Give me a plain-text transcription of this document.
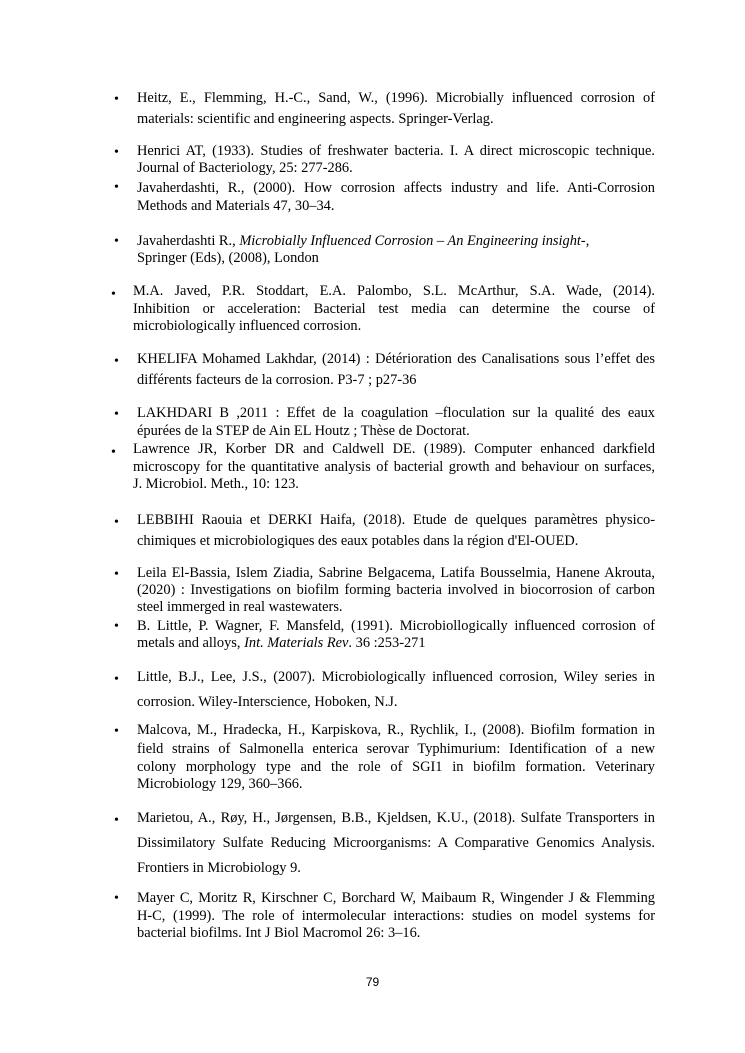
• Heitz, E., Flemming, H.-C., Sand, W., (1996). Microbially influenced corrosion of
materials: scientific and engineering aspects. Springer-Verlag.
• Henrici AT, (1933). Studies of freshwater bacteria. I. A direct microscopic technique.
Journal of Bacteriology, 25: 277-286.
• Javaherdashti, R., (2000). How corrosion affects industry and life. Anti-Corrosion
Methods and Materials 47, 30–34.
• Javaherdashti R., Microbially Influenced Corrosion – An Engineering insight-,
Springer (Eds), (2008), London
• M.A. Javed, P.R. Stoddart, E.A. Palombo, S.L. McArthur, S.A. Wade, (2014).
Inhibition or acceleration: Bacterial test media can determine the course of
microbiologically influenced corrosion.
• KHELIFA Mohamed Lakhdar, (2014) : Détérioration des Canalisations sous l’effet des
différents facteurs de la corrosion. P3-7 ; p27-36
• LAKHDARI B ,2011 : Effet de la coagulation –floculation sur la qualité des eaux
épurées de la STEP de Ain EL Houtz ; Thèse de Doctorat.
• Lawrence JR, Korber DR and Caldwell DE. (1989). Computer enhanced darkfield
microscopy for the quantitative analysis of bacterial growth and behaviour on surfaces,
J. Microbiol. Meth., 10: 123.
• LEBBIHI Raouia et DERKI Haifa, (2018). Etude de quelques paramètres physico-
chimiques et microbiologiques des eaux potables dans la région d'El-OUED.
• Leila El-Bassia, Islem Ziadia, Sabrine Belgacema, Latifa Bousselmia, Hanene Akrouta,
(2020) : Investigations on biofilm forming bacteria involved in biocorrosion of carbon
steel immerged in real wastewaters.
• B. Little, P. Wagner, F. Mansfeld, (1991). Microbiollogically influenced corrosion of
metals and alloys, Int. Materials Rev. 36 :253-271
• Little, B.J., Lee, J.S., (2007). Microbiologically influenced corrosion, Wiley series in
corrosion. Wiley-Interscience, Hoboken, N.J.
• Malcova, M., Hradecka, H., Karpiskova, R., Rychlik, I., (2008). Biofilm formation in
field strains of Salmonella enterica serovar Typhimurium: Identification of a new
colony morphology type and the role of SGI1 in biofilm formation. Veterinary
Microbiology 129, 360–366.
• Marietou, A., Røy, H., Jørgensen, B.B., Kjeldsen, K.U., (2018). Sulfate Transporters in
Dissimilatory Sulfate Reducing Microorganisms: A Comparative Genomics Analysis.
Frontiers in Microbiology 9.
• Mayer C, Moritz R, Kirschner C, Borchard W, Maibaum R, Wingender J & Flemming
H-C, (1999). The role of intermolecular interactions: studies on model systems for
bacterial biofilms. Int J Biol Macromol 26: 3–16.
79
